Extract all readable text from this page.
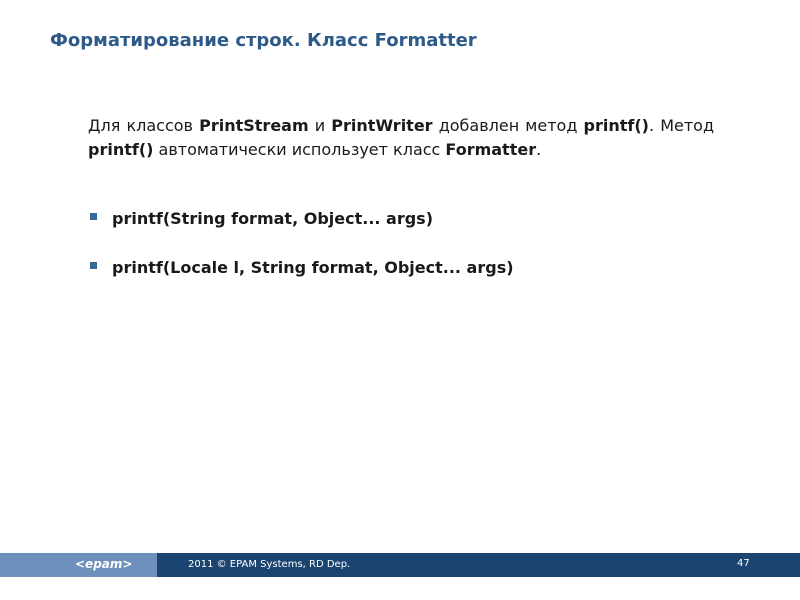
Форматирование строк. Класс Formatter
Для классов PrintStream и PrintWriter добавлен метод printf(). Метод printf() автоматически использует класс Formatter.
printf(String format, Object... args)
printf(Locale l, String format, Object... args)
<epam>	2011 © EPAM Systems, RD Dep.	47
